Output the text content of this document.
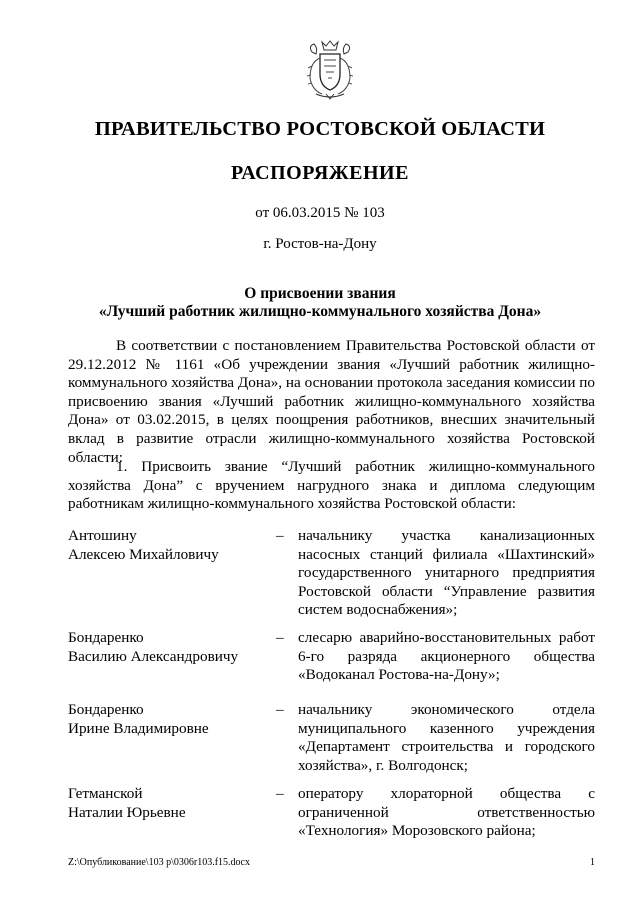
ПРАВИТЕЛЬСТВО РОСТОВСКОЙ ОБЛАСТИ
РАСПОРЯЖЕНИЕ
от 06.03.2015 № 103
г. Ростов-на-Дону
О присвоении звания
«Лучший работник жилищно-коммунального хозяйства Дона»

В соответствии с постановлением Правительства Ростовской области от 29.12.2012 № 1161 «Об учреждении звания «Лучший работник жилищно-коммунального хозяйства Дона», на основании протокола заседания комиссии по присвоению звания «Лучший работник жилищно-коммунального хозяйства Дона» от 03.02.2015, в целях поощрения работников, внесших значительный вклад в развитие отрасли жилищно-коммунального хозяйства Ростовской области:

1. Присвоить звание “Лучший работник жилищно-коммунального хозяйства Дона” с вручением нагрудного знака и диплома следующим работникам жилищно-коммунального хозяйства Ростовской области:

Антошину
Алексею Михайловичу
– начальнику участка канализационных насосных станций филиала «Шахтинский» государственного унитарного предприятия Ростовской области “Управление развития систем водоснабжения»;
Бондаренко
Василию Александровичу
– слесарю аварийно-восстановительных работ 6-го разряда акционерного общества «Водоканал Ростова-на-Дону»;
Бондаренко
Ирине Владимировне
– начальнику экономического отдела муниципального казенного учреждения «Департамент строительства и городского хозяйства», г. Волгодонск;
Гетманской
Наталии Юрьевне
– оператору хлораторной общества с ограниченной ответственностью «Технология» Морозовского района;
Z:\Опубликование\103 р\0306r103.f15.docx	1
